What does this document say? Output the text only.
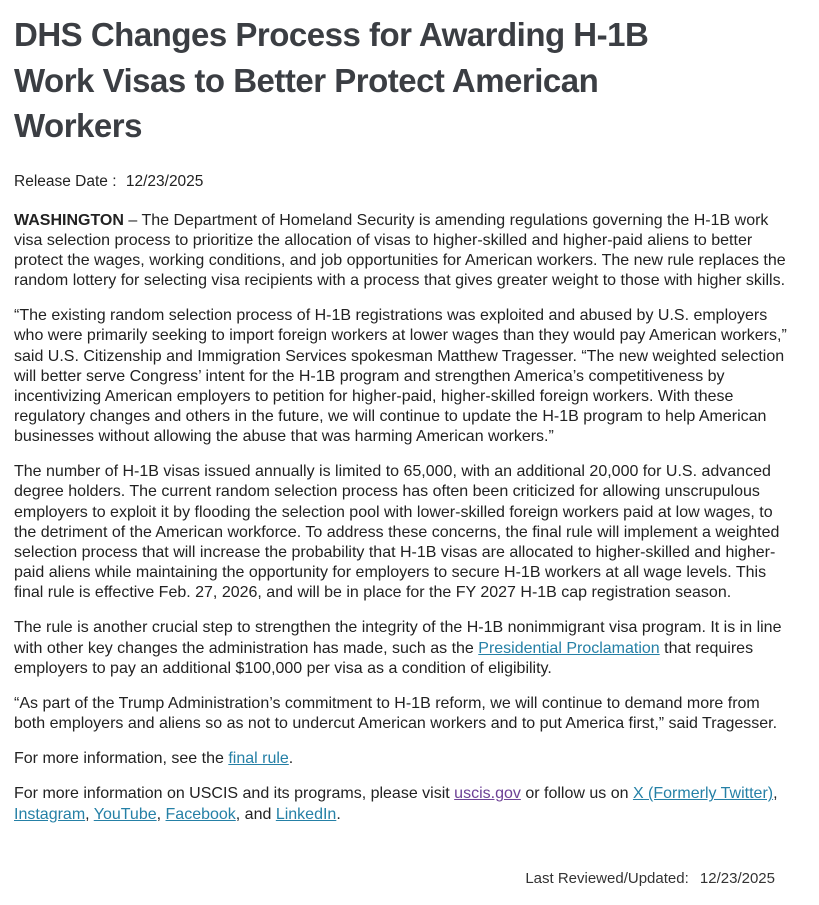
DHS Changes Process for Awarding H-1B Work Visas to Better Protect American Workers

Release Date : 12/23/2025

WASHINGTON – The Department of Homeland Security is amending regulations governing the H-1B work visa selection process to prioritize the allocation of visas to higher-skilled and higher-paid aliens to better protect the wages, working conditions, and job opportunities for American workers. The new rule replaces the random lottery for selecting visa recipients with a process that gives greater weight to those with higher skills.

“The existing random selection process of H-1B registrations was exploited and abused by U.S. employers who were primarily seeking to import foreign workers at lower wages than they would pay American workers,” said U.S. Citizenship and Immigration Services spokesman Matthew Tragesser. “The new weighted selection will better serve Congress’ intent for the H-1B program and strengthen America’s competitiveness by incentivizing American employers to petition for higher-paid, higher-skilled foreign workers. With these regulatory changes and others in the future, we will continue to update the H-1B program to help American businesses without allowing the abuse that was harming American workers.”

The number of H-1B visas issued annually is limited to 65,000, with an additional 20,000 for U.S. advanced degree holders. The current random selection process has often been criticized for allowing unscrupulous employers to exploit it by flooding the selection pool with lower-skilled foreign workers paid at low wages, to the detriment of the American workforce. To address these concerns, the final rule will implement a weighted selection process that will increase the probability that H-1B visas are allocated to higher-skilled and higher-paid aliens while maintaining the opportunity for employers to secure H-1B workers at all wage levels. This final rule is effective Feb. 27, 2026, and will be in place for the FY 2027 H-1B cap registration season.

The rule is another crucial step to strengthen the integrity of the H-1B nonimmigrant visa program. It is in line with other key changes the administration has made, such as the Presidential Proclamation that requires employers to pay an additional $100,000 per visa as a condition of eligibility.

“As part of the Trump Administration’s commitment to H-1B reform, we will continue to demand more from both employers and aliens so as not to undercut American workers and to put America first,” said Tragesser.

For more information, see the final rule.

For more information on USCIS and its programs, please visit uscis.gov or follow us on X (Formerly Twitter), Instagram, YouTube, Facebook, and LinkedIn.

Last Reviewed/Updated: 12/23/2025
